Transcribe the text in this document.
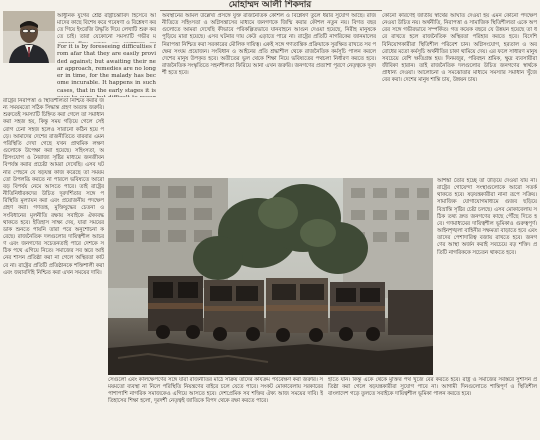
মোহাম্মদ আলী শিকদার
আধুনিক যুগের শ্রেষ্ঠ রাষ্ট্রচিন্তাবিদ হিসেবে আমাদের কাছে বিশেষ করে গবেষণা ও বিশ্লেষণ করতে গিয়ে ইংরেজি উদ্ধৃতি দিয়ে লেখাটি শুরু করতে চাই। তারা যেকোনো সমস্যাটি গভীর ম
For it is by foreseeing difficulties from afar that they are easily provided against; but awaiting their near approach, remedies are no longer in time, for the malady has become incurable. It happens in such cases, that in the early stages it is
রাষ্ট্রের নিরাপত্তা ও স্থিতিশীলতা নিশ্চিত করার জন্য সময়মতো সঠিক সিদ্ধান্ত গ্রহণ অত্যন্ত জরুরি। শুরুতেই সমস্যাটি চিহ্নিত করা গেলে তা সমাধান করা সহজ হয়, কিন্তু সময় গড়িয়ে গেলে সেই রোগ চেনা সহজ হলেও সারানো কঠিন হয়ে পড়ে। আমাদের দেশের রাজনীতিতে বারবার এমন পরিস্থিতি দেখা গেছে যখন প্রাথমিক লক্ষণগুলোকে উপেক্ষা করা হয়েছে। সহিংসতা, অগ্নিসংযোগ ও নৈরাজ্য সৃষ্টির মাধ্যমে জনজীবন বিপর্যস্ত করার প্রচেষ্টা আমরা দেখেছি। এসব ঘটনার পেছনে যে ষড়যন্ত্র কাজ করেছে তা সময়মতো উপলব্ধি করতে না পারলে ভবিষ্যতে আরো বড় বিপর্যয় নেমে আসতে পারে। তাই রাষ্ট্রের নীতিনির্ধারকদের উচিত দূরদর্শিতার সঙ্গে পরিস্থিতি মূল্যায়ন করা এবং প্রয়োজনীয় পদক্ষেপ গ্রহণ করা। গণতন্ত্র, মুক্তিযুদ্ধের চেতনা ও সংবিধানের মূলনীতি রক্ষায় সবাইকে ঐক্যবদ্ধ থাকতে হবে। ইতিহাস সাক্ষ্য দেয়, যারা সময়ের ডাক শুনতে পায়নি তারা পরে অনুশোচনা করেছে। রাজনৈতিক দলগুলোর দায়িত্বশীল আচরণ এবং জনগণের সচেতনতাই পারে দেশকে সঠিক পথে এগিয়ে নিতে। সমাজের সব স্তরে আইনের শাসন প্রতিষ্ঠা করা না গেলে অস্থিরতা কাটবে না। রাষ্ট্রের প্রতিটি প্রতিষ্ঠানকে শক্তিশালী করা এবং জবাবদিহি নিশ্চিত করা এখন সময়ের দাবি।
অবস্থানের আমল উল্লেখ্য প্রসঙ্গে যুক্ত রাজনৈতিক কৌশল ও বিশ্লেষণ তুলে ধরার সুযোগ আছে। রাজনীতিতে সহিংসতা ও অগ্নিসন্ত্রাসের মাধ্যমে জনগণকে জিম্মি করার কৌশল নতুন নয়। বিগত বছরগুলোতে আমরা দেখেছি কীভাবে পরিকল্পিতভাবে যানবাহনে আগুন দেওয়া হয়েছে, নিরীহ মানুষকে পুড়িয়ে মারা হয়েছে। এসব ঘটনার দায় কেউ এড়াতে পারে না। রাষ্ট্রের প্রতিটি নাগরিকের জানমালের নিরাপত্তা নিশ্চিত করা সরকারের মৌলিক দায়িত্ব। একই সঙ্গে গণতান্ত্রিক প্রক্রিয়াকে সুরক্ষিত রাখতে সব পক্ষের সংযম প্রয়োজন। সংবিধান ও আইনের প্রতি শ্রদ্ধাশীল থেকে রাজনৈতিক কর্মসূচি পালন করলে দেশের মানুষ উপকৃত হবে। অতীতের ভুল থেকে শিক্ষা নিয়ে ভবিষ্যতের পথচলা নির্ধারণ করতে হবে। রাজনৈতিক সংস্কৃতিতে সহনশীলতা ফিরিয়ে আনা এখন জরুরি। জনগণের প্রত্যাশা পূরণে নেতৃত্বকে দূরদর্শী হতে হবে।
কোনো কারণেই জাতীয় স্বার্থের আঘাত দেওয়া হয় এমন কোনো পদক্ষেপ নেওয়া উচিত নয়। অর্থনীতি, নিরাপত্তা ও সামাজিক স্থিতিশীলতা একে অপরের সঙ্গে গভীরভাবে সম্পর্কিত। গত কয়েক বছরে যে উন্নয়ন হয়েছে তা ধরে রাখতে হলে রাজনৈতিক অস্থিরতা পরিহার করতে হবে। বিদেশি বিনিয়োগকারীরা স্থিতিশীল পরিবেশ চান। অগ্নিসংযোগ, হরতাল ও অবরোধের মতো কর্মসূচি অর্থনীতির চাকা থামিয়ে দেয়। এর ফলে সাধারণ মানুষ সবচেয়ে বেশি ক্ষতিগ্রস্ত হয়। দিনমজুর, পরিবহন শ্রমিক, ক্ষুদ্র ব্যবসায়ীরা জীবিকা হারান। তাই রাজনৈতিক দলগুলোর উচিত জনগণের স্বার্থকে প্রাধান্য দেওয়া। আলোচনা ও সমঝোতার মাধ্যমে সমস্যার সমাধান খুঁজে বের করা। দেশের মানুষ শান্তি চায়, উন্নয়ন চায়।
আশঙ্কা তৈরি হচ্ছে তা উড়িয়ে দেওয়া যায় না। রাষ্ট্রের গোয়েন্দা সংস্থাগুলোকে আরো সতর্ক থাকতে হবে। ষড়যন্ত্রকারীরা নানা রূপে সক্রিয়। সামাজিক যোগাযোগমাধ্যমে গুজব ছড়িয়ে বিভ্রান্তি সৃষ্টির চেষ্টা চলছে। এসব মোকাবেলায় সঠিক তথ্য দ্রুত জনগণের কাছে পৌঁছে দিতে হবে। গণমাধ্যমের দায়িত্বশীল ভূমিকাও গুরুত্বপূর্ণ। আইনশৃঙ্খলা বাহিনীর সক্ষমতা বাড়াতে হবে এবং তাদের পেশাদারিত্ব বজায় রাখতে হবে। জনগণের আস্থা অর্জন করাই সবচেয়ে বড় শক্তি। প্রতিটি নাগরিককে সচেতন থাকতে হবে।
সেগুলো এবং কালক্ষেপণের সঙ্গে যারা রাজনীতির মাঠে সক্রিয় তাদের কার্যক্রম পর্যবেক্ষণ করা জরুরি। সময়মতো ব্যবস্থা না নিলে পরিস্থিতি নিয়ন্ত্রণের বাইরে চলে যেতে পারে। সংকট মোকাবেলায় সরকারের পাশাপাশি নাগরিক সমাজকেও এগিয়ে আসতে হবে। দেশপ্রেমিক সব শক্তির ঐক্য আজ সময়ের দাবি। ইতিহাসের শিক্ষা হলো, দূরদর্শী নেতৃত্বই জাতিকে বিপদ থেকে রক্ষা করতে পারে।
হাতে যান। কিন্তু একে থেকে মুক্তির পথ খুঁজে বের করতে হবে। রাষ্ট্র ও সমাজের সর্বস্তরে সুশাসন প্রতিষ্ঠা করা গেলে ষড়যন্ত্রকারীরা সুযোগ পাবে না। আগামী দিনগুলোতে শান্তিপূর্ণ ও স্থিতিশীল বাংলাদেশ গড়ে তুলতে সবাইকে দায়িত্বশীল ভূমিকা পালন করতে হবে।
